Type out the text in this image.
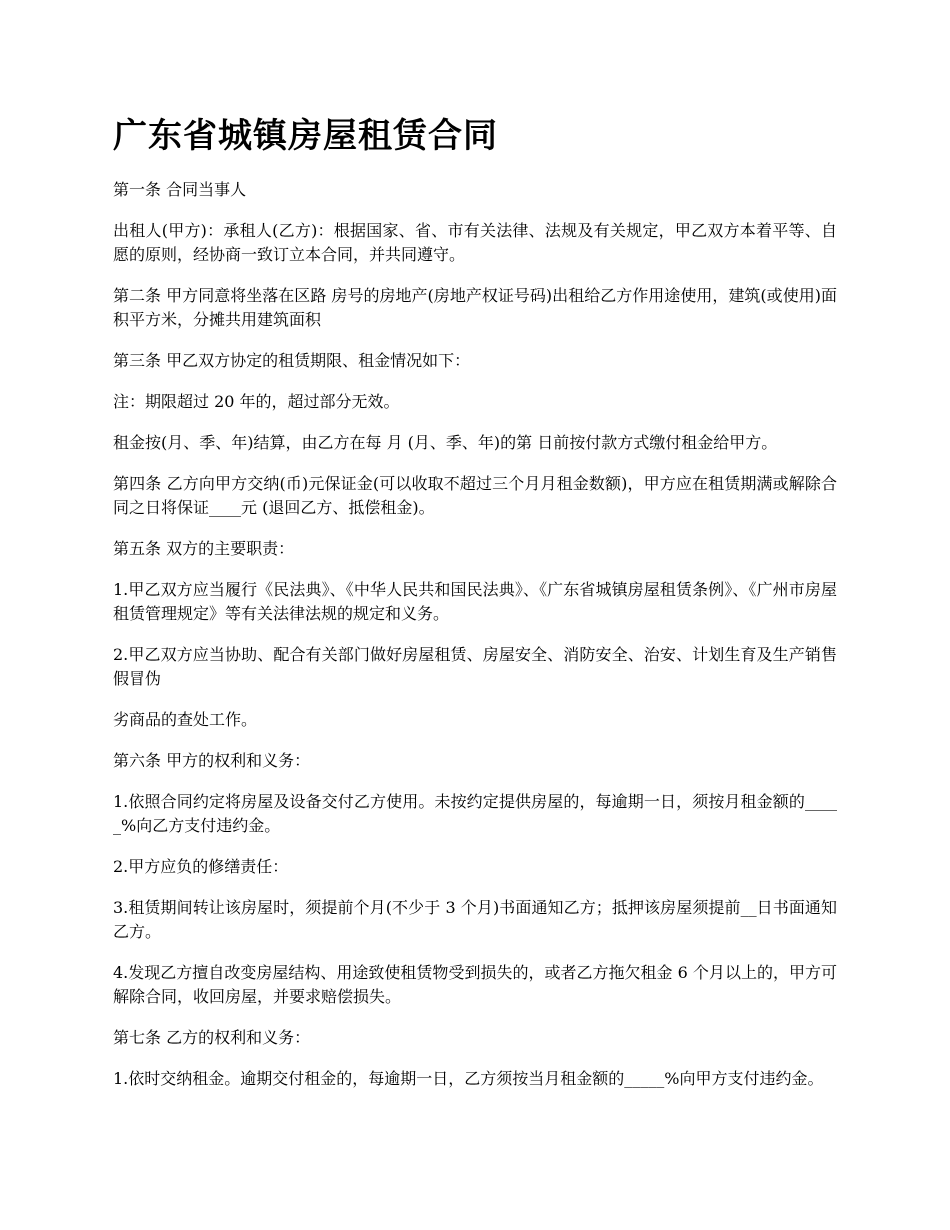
广东省城镇房屋租赁合同

第一条 合同当事人

出租人(甲方)：承租人(乙方)：根据国家、省、市有关法律、法规及有关规定，甲乙双方本着平等、自愿的原则，经协商一致订立本合同，并共同遵守。

第二条 甲方同意将坐落在区路 房号的房地产(房地产权证号码)出租给乙方作用途使用，建筑(或使用)面积平方米，分摊共用建筑面积

第三条 甲乙双方协定的租赁期限、租金情况如下：

注：期限超过 20 年的，超过部分无效。

租金按(月、季、年)结算，由乙方在每 月 (月、季、年)的第 日前按付款方式缴付租金给甲方。

第四条 乙方向甲方交纳(币)元保证金(可以收取不超过三个月月租金数额)，甲方应在租赁期满或解除合同之日将保证____元 (退回乙方、抵偿租金)。

第五条 双方的主要职责：

1.甲乙双方应当履行《民法典》、《中华人民共和国民法典》、《广东省城镇房屋租赁条例》、《广州市房屋租赁管理规定》等有关法律法规的规定和义务。

2.甲乙双方应当协助、配合有关部门做好房屋租赁、房屋安全、消防安全、治安、计划生育及生产销售假冒伪

劣商品的查处工作。

第六条 甲方的权利和义务：

1.依照合同约定将房屋及设备交付乙方使用。未按约定提供房屋的，每逾期一日，须按月租金额的_____%向乙方支付违约金。

2.甲方应负的修缮责任：

3.租赁期间转让该房屋时，须提前个月(不少于 3 个月)书面通知乙方；抵押该房屋须提前__日书面通知乙方。

4.发现乙方擅自改变房屋结构、用途致使租赁物受到损失的，或者乙方拖欠租金 6 个月以上的，甲方可解除合同，收回房屋，并要求赔偿损失。

第七条 乙方的权利和义务：

1.依时交纳租金。逾期交付租金的，每逾期一日，乙方须按当月租金额的_____%向甲方支付违约金。
